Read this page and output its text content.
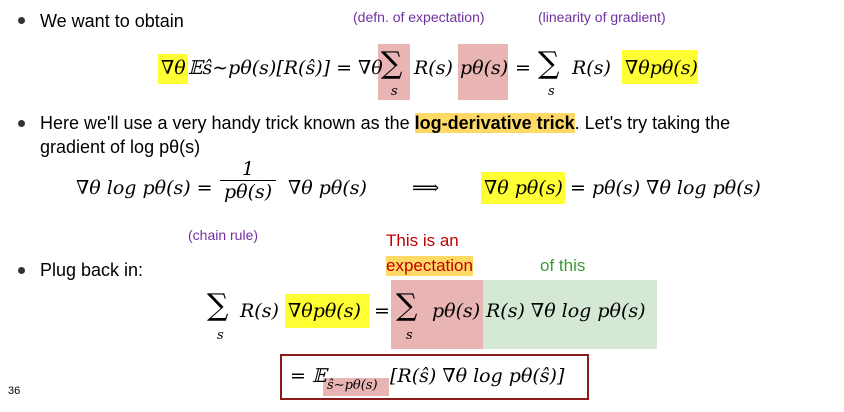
We want to obtain	(defn. of expectation)	(linearity of gradient)
∇θ 𝔼ŝ∼pθ(s)[R(ŝ)] = ∇θ
∑
s
R(s) pθ(s) = ∑
s
R(s) ∇θpθ(s)
Here we'll use a very handy trick known as the log-derivative trick. Let's try taking the
gradient of log pθ(s)
∇θ $\log p\theta(s) = \frac{1}{p\theta(s)} \nabla\theta$ pθ(s) ⟹ ∇θ pθ(s) = pθ(s) ∇θ log pθ(s)
(chain rule)
Plug back in:
This is an
expectation	of this
∑
s
R(s) ∇θpθ(s) = ∑
s
pθ(s) R(s) ∇θ log pθ(s)
= 𝔼 ŝ∼pθ(s) [R(ŝ) ∇θ log pθ(ŝ)]
36
